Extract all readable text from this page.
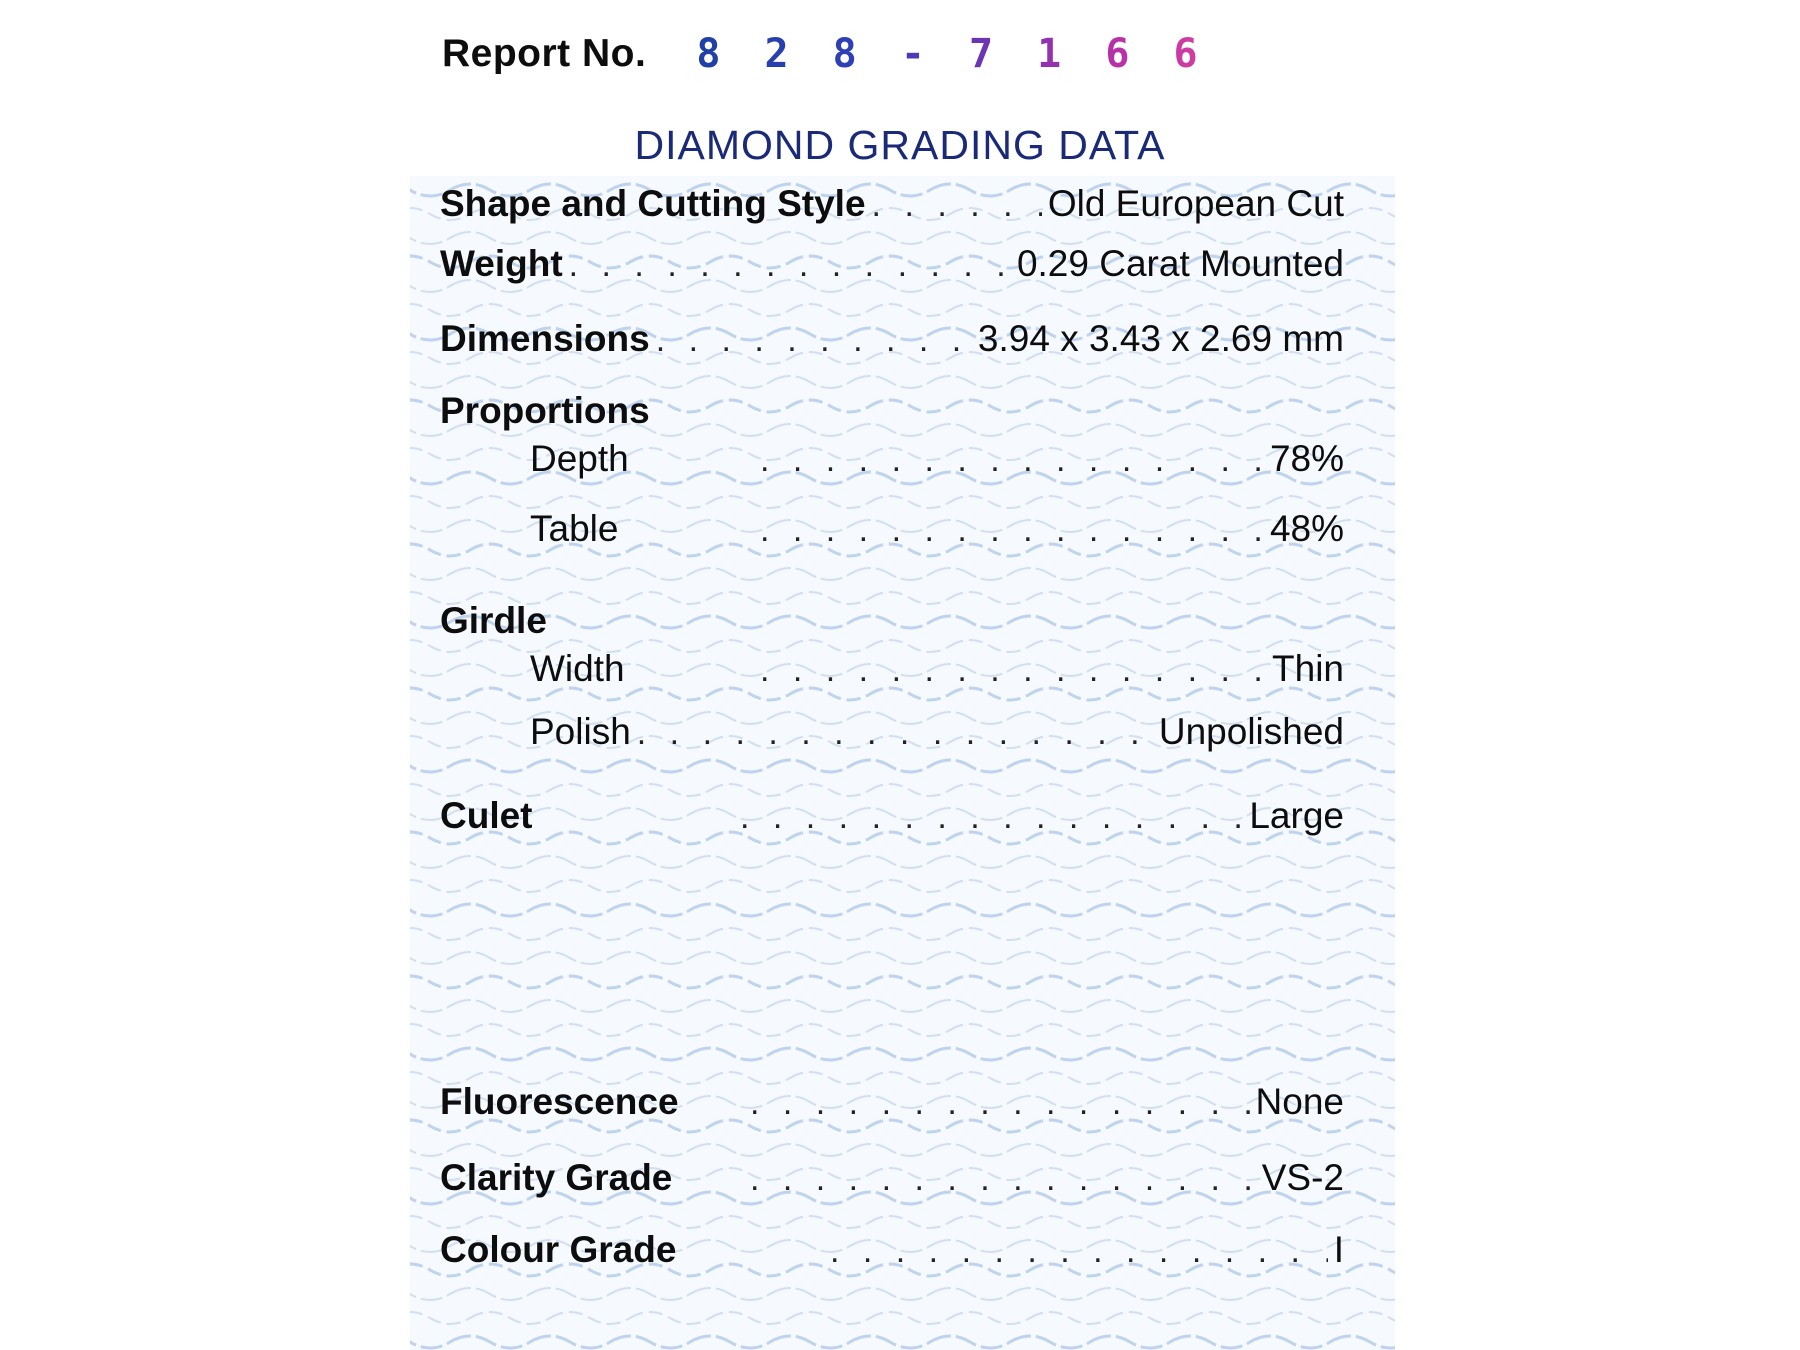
Report No. 8 2 8 - 7 1 6 6
DIAMOND GRADING DATA
Shape and Cutting Style . . .	Old European Cut
Weight . . .	0.29 Carat Mounted
Dimensions . . .	3.94 x 3.43 x 2.69 mm
Proportions
Depth . . .	78%
Table . . .	48%
Girdle
Width . . .	Thin
Polish . . .	Unpolished
Culet . . .	Large
Fluorescence . . .	None
Clarity Grade . . .	VS-2
Colour Grade . . .	I
